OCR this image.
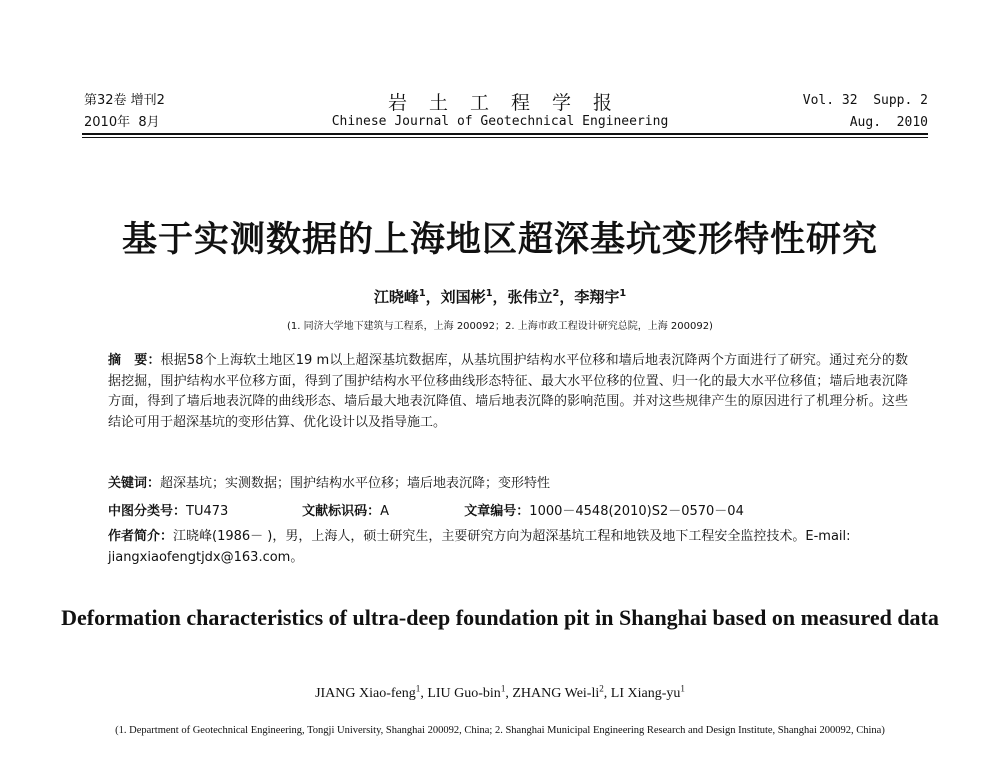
第32卷 增刊2
2010年  8月
岩土工程学报
Chinese Journal of Geotechnical Engineering
Vol. 32  Supp. 2
Aug.  2010
基于实测数据的上海地区超深基坑变形特性研究
江晓峰$^1$，刘国彬$^1$，张伟立$^2$，李翔宇$^1$
(1. 同济大学地下建筑与工程系，上海 200092；2. 上海市政工程设计研究总院，上海 200092)
摘　要：根据58个上海软土地区19 m以上超深基坑数据库，从基坑围护结构水平位移和墙后地表沉降两个方面进行了研究。通过充分的数据挖掘，围护结构水平位移方面，得到了围护结构水平位移曲线形态特征、最大水平位移的位置、归一化的最大水平位移值；墙后地表沉降方面，得到了墙后地表沉降的曲线形态、墙后最大地表沉降值、墙后地表沉降的影响范围。并对这些规律产生的原因进行了机理分析。这些结论可用于超深基坑的变形估算、优化设计以及指导施工。
关键词：超深基坑；实测数据；围护结构水平位移；墙后地表沉降；变形特性
中图分类号：TU473	文献标识码：A	文章编号：1000－4548(2010)S2－0570－04
作者简介：江晓峰(1986－ )，男，上海人，硕士研究生，主要研究方向为超深基坑工程和地铁及地下工程安全监控技术。E-mail: jiangxiaofengtjdx@163.com。
Deformation characteristics of ultra-deep foundation pit in Shanghai based on measured data
JIANG Xiao-feng$^1$, LIU Guo-bin$^1$, ZHANG Wei-$li^2$, LI Xiang-$yu^1$
(1. Department of Geotechnical Engineering, Tongji University, Shanghai 200092, China; 2. Shanghai Municipal Engineering Research and Design Institute, Shanghai 200092, China)
